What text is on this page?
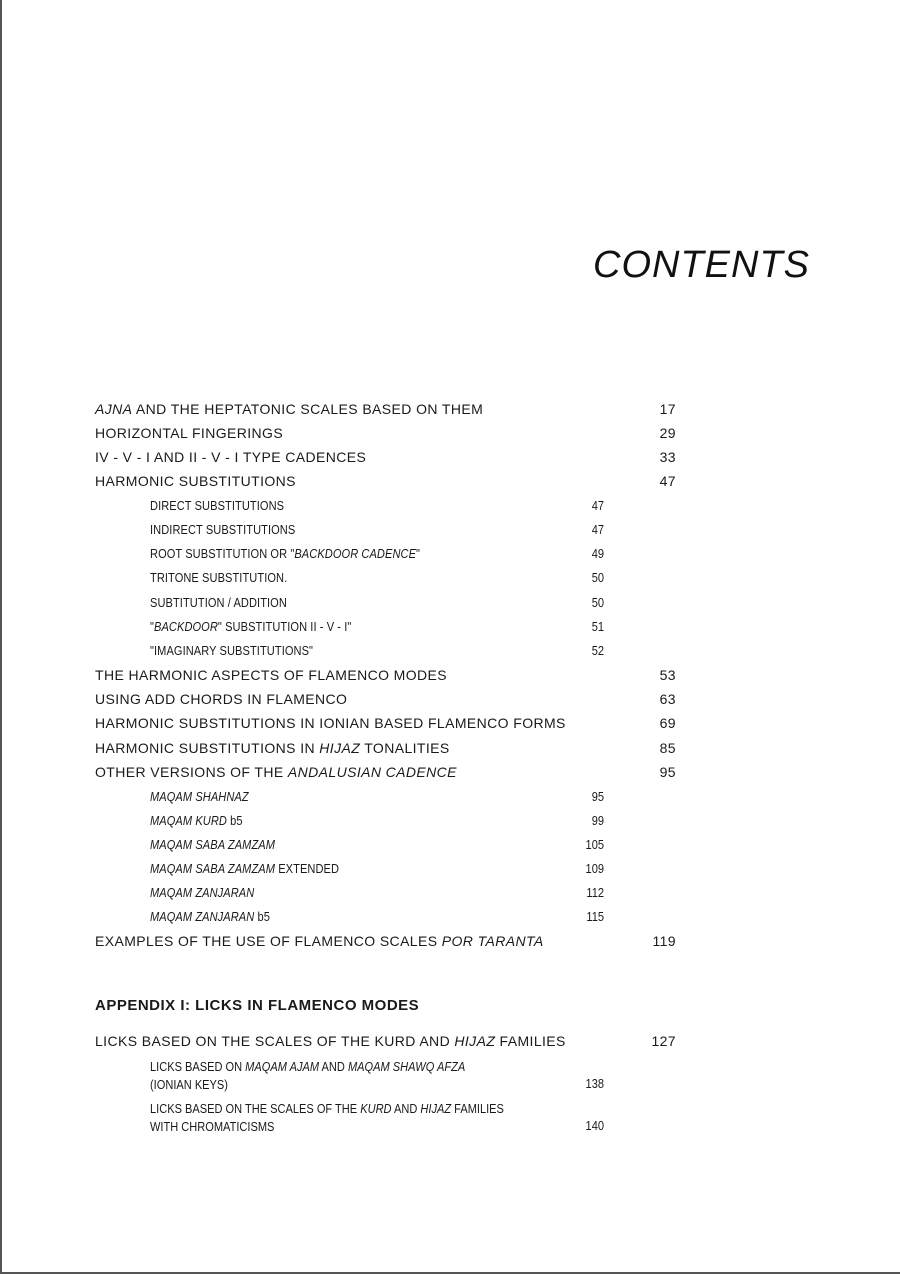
CONTENTS
AJNA AND THE HEPTATONIC SCALES BASED ON THEM	17
HORIZONTAL FINGERINGS	29
IV - V - I AND II - V - I TYPE CADENCES	33
HARMONIC SUBSTITUTIONS	47
DIRECT SUBSTITUTIONS	47
INDIRECT SUBSTITUTIONS	47
ROOT SUBSTITUTION OR "BACKDOOR CADENCE"	49
TRITONE SUBSTITUTION.	50
SUBTITUTION / ADDITION	50
"BACKDOOR" SUBSTITUTION II - V - I"	51
"IMAGINARY SUBSTITUTIONS"	52
THE HARMONIC ASPECTS OF FLAMENCO MODES	53
USING ADD CHORDS IN FLAMENCO	63
HARMONIC SUBSTITUTIONS IN IONIAN BASED FLAMENCO FORMS	69
HARMONIC SUBSTITUTIONS IN HIJAZ TONALITIES	85
OTHER VERSIONS OF THE ANDALUSIAN CADENCE	95
MAQAM SHAHNAZ	95
MAQAM KURD b5	99
MAQAM SABA ZAMZAM	105
MAQAM SABA ZAMZAM EXTENDED	109
MAQAM ZANJARAN	112
MAQAM ZANJARAN b5	115
EXAMPLES OF THE USE OF FLAMENCO SCALES POR TARANTA	119
APPENDIX I: LICKS IN FLAMENCO MODES
LICKS BASED ON THE SCALES OF THE KURD AND HIJAZ FAMILIES	127
LICKS BASED ON MAQAM AJAM AND MAQAM SHAWQ AFZA
(IONIAN KEYS)	138
LICKS BASED ON THE SCALES OF THE KURD AND HIJAZ FAMILIES
WITH CHROMATICISMS	140
